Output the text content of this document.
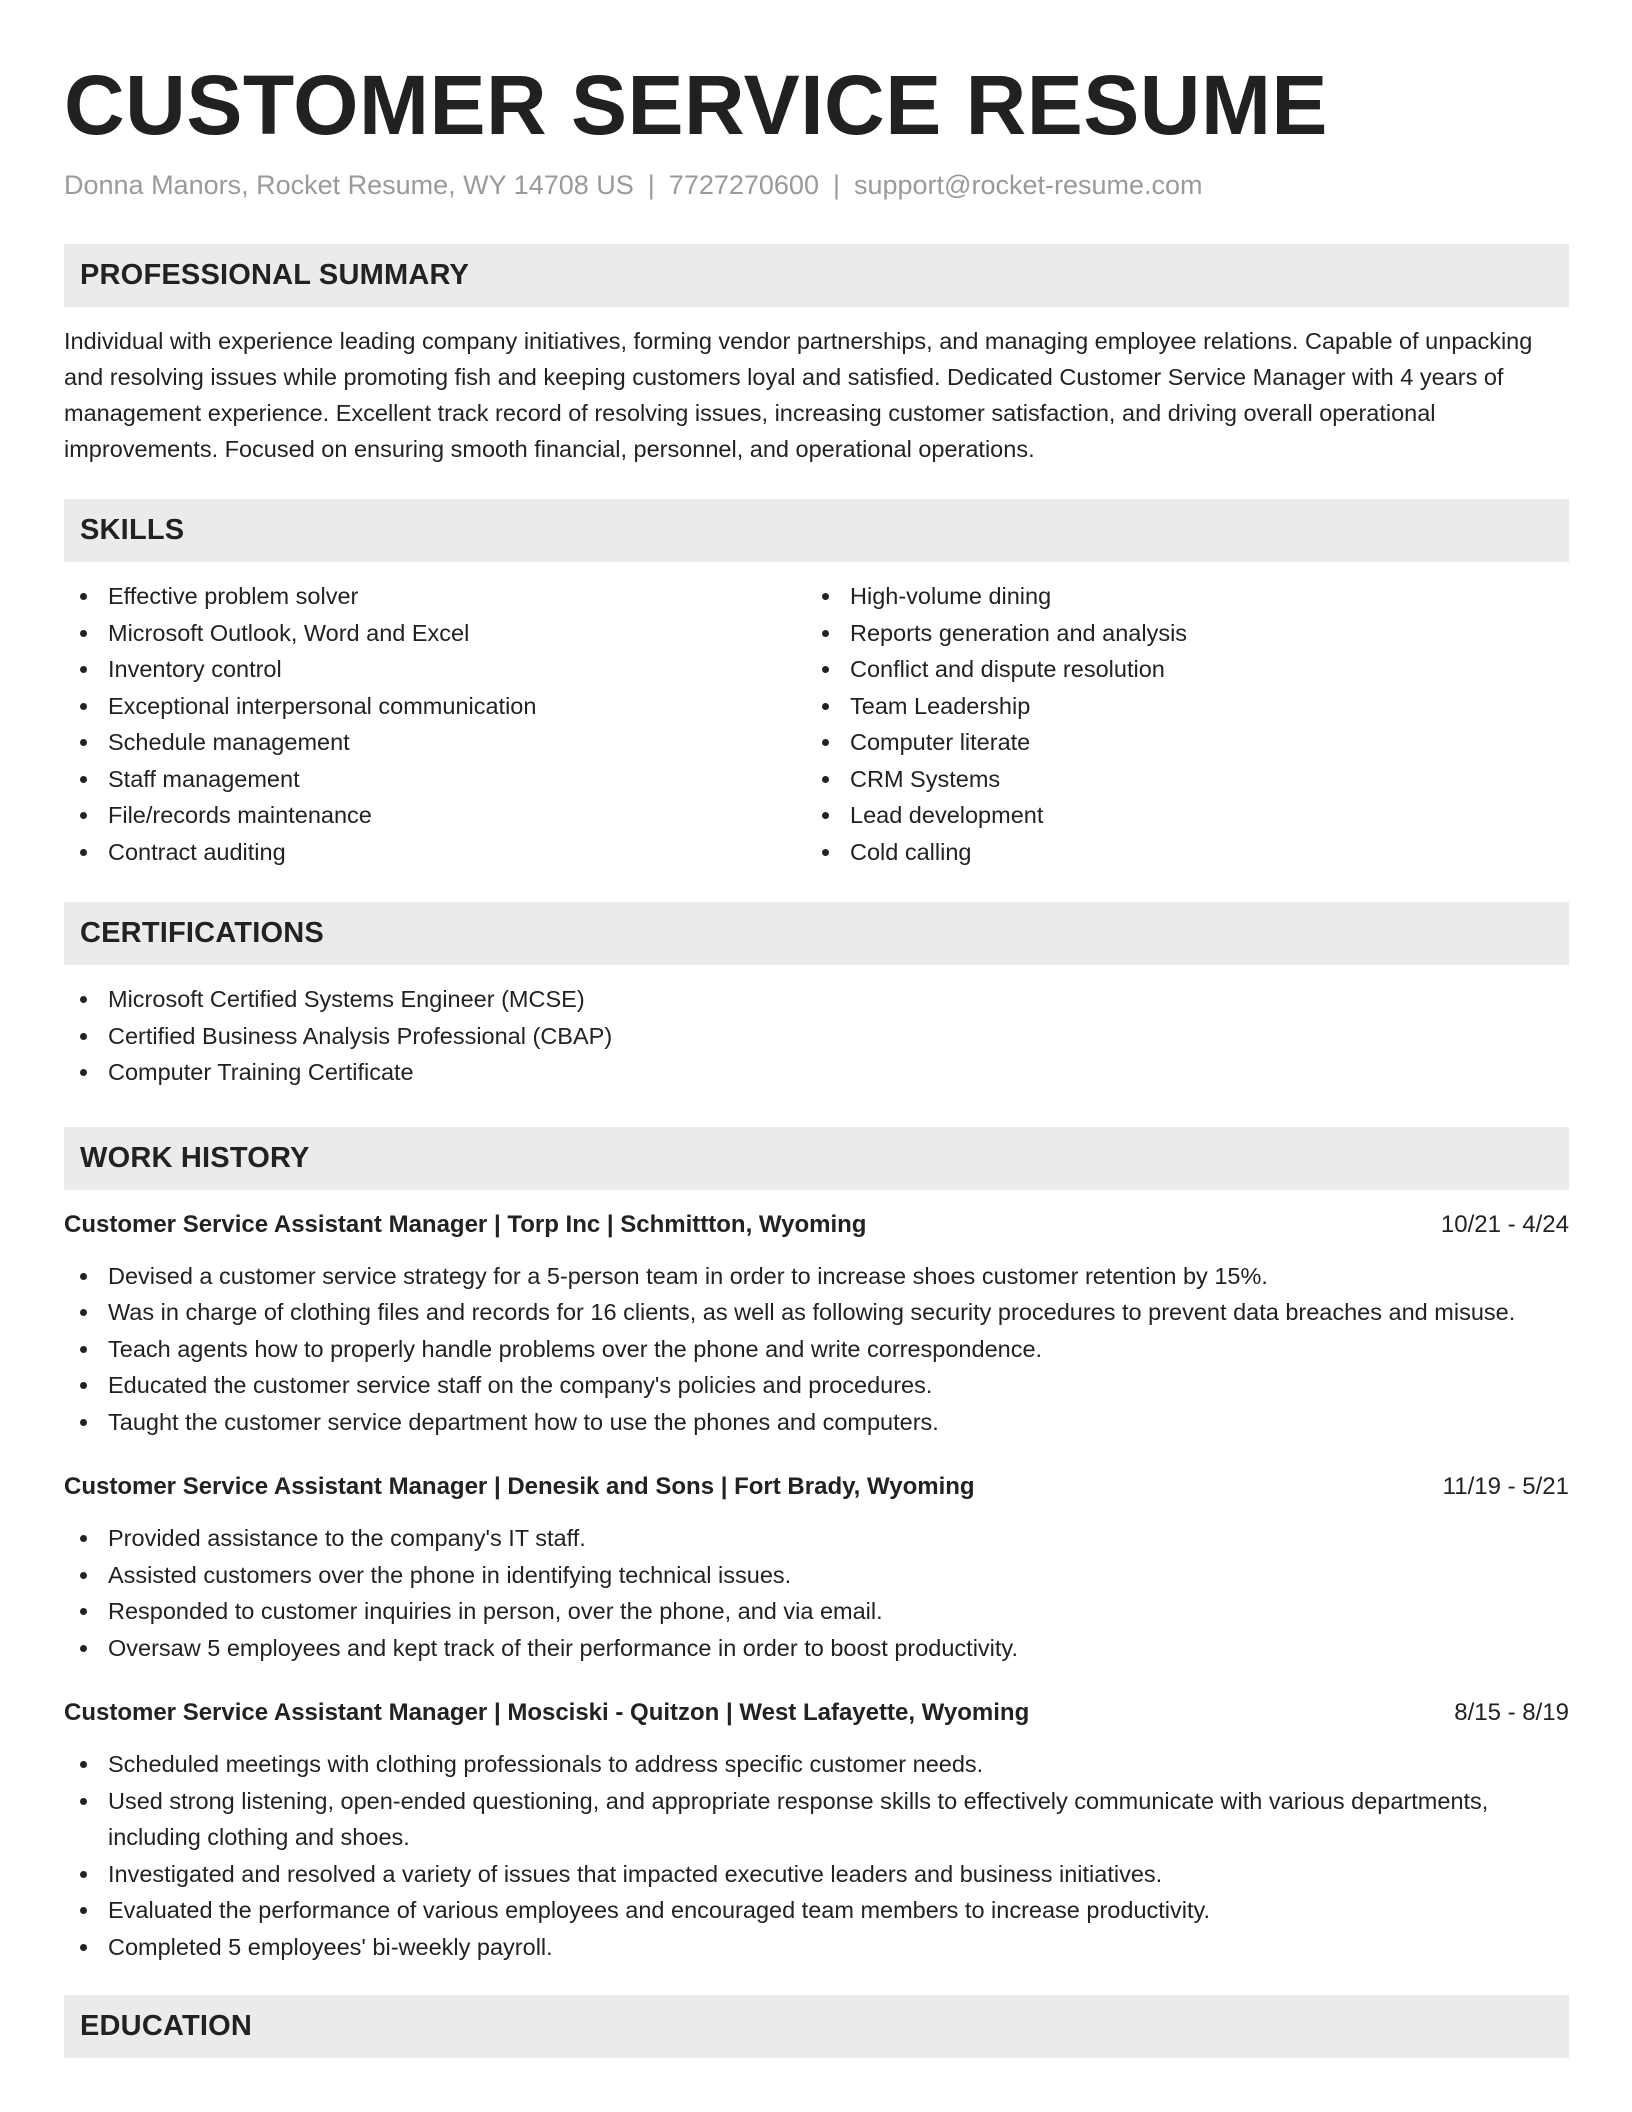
CUSTOMER SERVICE RESUME
Donna Manors, Rocket Resume, WY 14708 US | 7727270600 | support@rocket-resume.com
PROFESSIONAL SUMMARY

Individual with experience leading company initiatives, forming vendor partnerships, and managing employee relations. Capable of unpacking and resolving issues while promoting fish and keeping customers loyal and satisfied. Dedicated Customer Service Manager with 4 years of management experience. Excellent track record of resolving issues, increasing customer satisfaction, and driving overall operational improvements. Focused on ensuring smooth financial, personnel, and operational operations.

SKILLS
Effective problem solver
Microsoft Outlook, Word and Excel
Inventory control
Exceptional interpersonal communication
Schedule management
Staff management
File/records maintenance
Contract auditing
High-volume dining
Reports generation and analysis
Conflict and dispute resolution
Team Leadership
Computer literate
CRM Systems
Lead development
Cold calling
CERTIFICATIONS
Microsoft Certified Systems Engineer (MCSE)
Certified Business Analysis Professional (CBAP)
Computer Training Certificate
WORK HISTORY
Customer Service Assistant Manager | Torp Inc | Schmittton, Wyoming	10/21 - 4/24
Devised a customer service strategy for a 5-person team in order to increase shoes customer retention by 15%.
Was in charge of clothing files and records for 16 clients, as well as following security procedures to prevent data breaches and misuse.
Teach agents how to properly handle problems over the phone and write correspondence.
Educated the customer service staff on the company's policies and procedures.
Taught the customer service department how to use the phones and computers.
Customer Service Assistant Manager | Denesik and Sons | Fort Brady, Wyoming	11/19 - 5/21
Provided assistance to the company's IT staff.
Assisted customers over the phone in identifying technical issues.
Responded to customer inquiries in person, over the phone, and via email.
Oversaw 5 employees and kept track of their performance in order to boost productivity.
Customer Service Assistant Manager | Mosciski - Quitzon | West Lafayette, Wyoming	8/15 - 8/19
Scheduled meetings with clothing professionals to address specific customer needs.
Used strong listening, open-ended questioning, and appropriate response skills to effectively communicate with various departments, including clothing and shoes.
Investigated and resolved a variety of issues that impacted executive leaders and business initiatives.
Evaluated the performance of various employees and encouraged team members to increase productivity.
Completed 5 employees' bi-weekly payroll.
EDUCATION
